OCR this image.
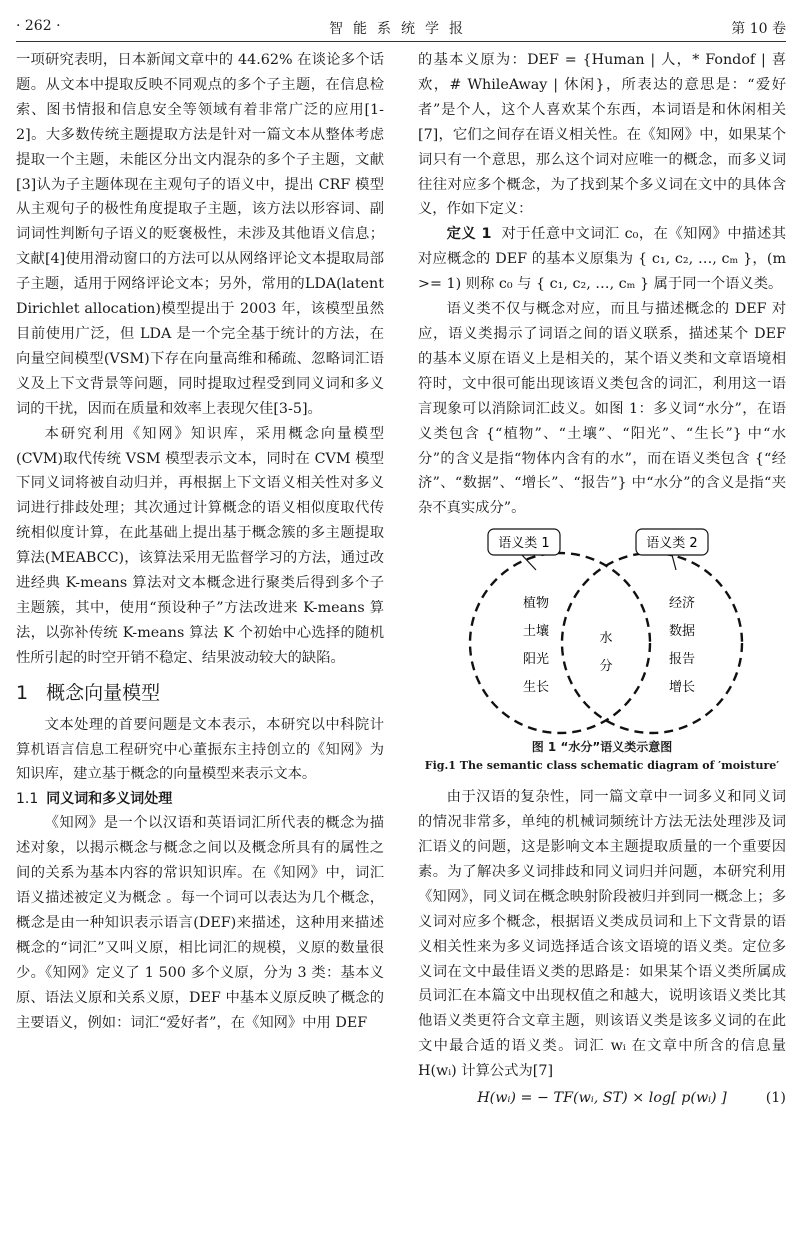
· 262 ·	智能系统学报	第 10 卷

一项研究表明，日本新闻文章中的 44.62% 在谈论多个话题。从文本中提取反映不同观点的多个子主题，在信息检索、图书情报和信息安全等领域有着非常广泛的应用[1-2]。大多数传统主题提取方法是针对一篇文本从整体考虑提取一个主题，未能区分出文内混杂的多个子主题，文献[3]认为子主题体现在主观句子的语义中，提出 CRF 模型从主观句子的极性角度提取子主题，该方法以形容词、副词词性判断句子语义的贬褒极性，未涉及其他语义信息；文献[4]使用滑动窗口的方法可以从网络评论文本提取局部子主题，适用于网络评论文本；另外，常用的LDA(latent Dirichlet allocation)模型提出于 2003 年，该模型虽然目前使用广泛，但 LDA 是一个完全基于统计的方法，在向量空间模型(VSM)下存在向量高维和稀疏、忽略词汇语义及上下文背景等问题，同时提取过程受到同义词和多义词的干扰，因而在质量和效率上表现欠佳[3-5]。

本研究利用《知网》知识库，采用概念向量模型(CVM)取代传统 VSM 模型表示文本，同时在 CVM 模型下同义词将被自动归并，再根据上下文语义相关性对多义词进行排歧处理；其次通过计算概念的语义相似度取代传统相似度计算，在此基础上提出基于概念簇的多主题提取算法(MEABCC)，该算法采用无监督学习的方法，通过改进经典 K-means 算法对文本概念进行聚类后得到多个子主题簇，其中，使用“预设种子”方法改进来 K-means 算法，以弥补传统 K-means 算法 K 个初始中心选择的随机性所引起的时空开销不稳定、结果波动较大的缺陷。

1 概念向量模型

文本处理的首要问题是文本表示，本研究以中科院计算机语言信息工程研究中心董振东主持创立的《知网》为知识库，建立基于概念的向量模型来表示文本。

1.1 同义词和多义词处理

《知网》是一个以汉语和英语词汇所代表的概念为描述对象，以揭示概念与概念之间以及概念所具有的属性之间的关系为基本内容的常识知识库。在《知网》中，词汇语义描述被定义为概念 。每一个词可以表达为几个概念，概念是由一种知识表示语言(DEF)来描述，这种用来描述概念的“词汇”又叫义原，相比词汇的规模，义原的数量很少。《知网》定义了 1 500 多个义原，分为 3 类：基本义原、语法义原和关系义原，DEF 中基本义原反映了概念的主要语义，例如：词汇“爱好者”，在《知网》中用 DEF

的基本义原为：DEF = {Human | 人，* Fondof | 喜欢，# WhileAway | 休闲}，所表达的意思是：“爱好者”是个人，这个人喜欢某个东西，本词语是和休闲相关[7]，它们之间存在语义相关性。在《知网》中，如果某个词只有一个意思，那么这个词对应唯一的概念，而多义词往往对应多个概念，为了找到某个多义词在文中的具体含义，作如下定义：

定义 1 对于任意中文词汇 c₀，在《知网》中描述其对应概念的 DEF 的基本义原集为 { c₁, c₂, …, cₘ }，(m >= 1) 则称 c₀ 与 { c₁, c₂, …, cₘ } 属于同一个语义类。

语义类不仅与概念对应，而且与描述概念的 DEF 对应，语义类揭示了词语之间的语义联系，描述某个 DEF 的基本义原在语义上是相关的，某个语义类和文章语境相符时，文中很可能出现该语义类包含的词汇，利用这一语言现象可以消除词汇歧义。如图 1：多义词“水分”，在语义类包含 {“植物”、“土壤”、“阳光”、“生长”} 中“水分”的含义是指“物体内含有的水”，而在语义类包含 {“经济”、“数据”、“增长”、“报告”} 中“水分”的含义是指“夹杂不真实成分”。

语义类 1	语义类 2
植物
土壤
阳光
生长
水
分
经济
数据
报告
增长
图 1 “水分”语义类示意图
Fig.1 The semantic class schematic diagram of ′moisture′

由于汉语的复杂性，同一篇文章中一词多义和同义词的情况非常多，单纯的机械词频统计方法无法处理涉及词汇语义的问题，这是影响文本主题提取质量的一个重要因素。为了解决多义词排歧和同义词归并问题，本研究利用《知网》，同义词在概念映射阶段被归并到同一概念上；多义词对应多个概念，根据语义类成员词和上下文背景的语义相关性来为多义词选择适合该文语境的语义类。定位多义词在文中最佳语义类的思路是：如果某个语义类所属成员词汇在本篇文中出现权值之和越大，说明该语义类比其他语义类更符合文章主题，则该语义类是该多义词的在此文中最合适的语义类。词汇 wᵢ 在文章中所含的信息量 H(wᵢ) 计算公式为[7]

H(wᵢ) = − TF(wᵢ, ST) × log[ p(wᵢ) ]	(1)
